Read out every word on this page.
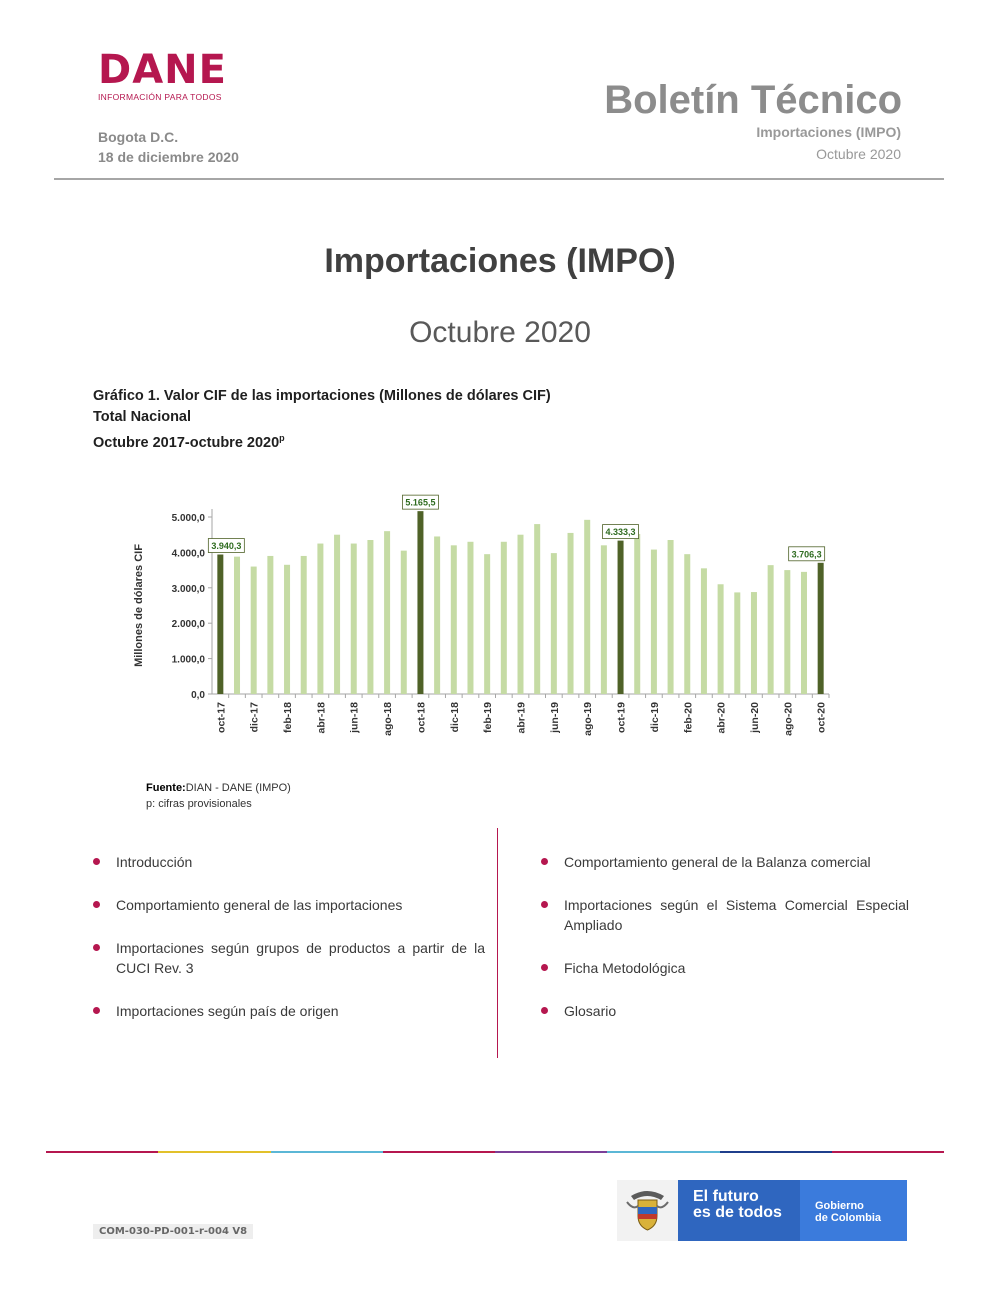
DANE
INFORMACIÓN PARA TODOS
Bogota D.C.
18 de diciembre 2020
Boletín Técnico
Importaciones (IMPO)
Octubre 2020
Importaciones (IMPO)
Octubre 2020
Gráfico 1. Valor CIF de las importaciones (Millones de dólares CIF)
Total Nacional
Octubre 2017-octubre 2020$^p$
0,0
1.000,0
2.000,0
3.000,0
4.000,0
5.000,0
Millones de dólares CIF
oct-17 dic-17 feb-18 abr-18 jun-18 ago-18 oct-18 dic-18 feb-19 abr-19 jun-19 ago-19 oct-19 dic-19 feb-20 abr-20 jun-20 ago-20 oct-20
3.940,3
5.165,5
4.333,3
3.706,3
Fuente:DIAN - DANE (IMPO)
p: cifras provisionales
Introducción
Comportamiento general de las importaciones
Importaciones según grupos de productos a partir de la CUCI Rev. 3
Importaciones según país de origen
Comportamiento general de la Balanza comercial
Importaciones según el Sistema Comercial Especial Ampliado
Ficha Metodológica
Glosario
COM-030-PD-001-r-004 V8
El futuro
es de todos	Gobierno
de Colombia
